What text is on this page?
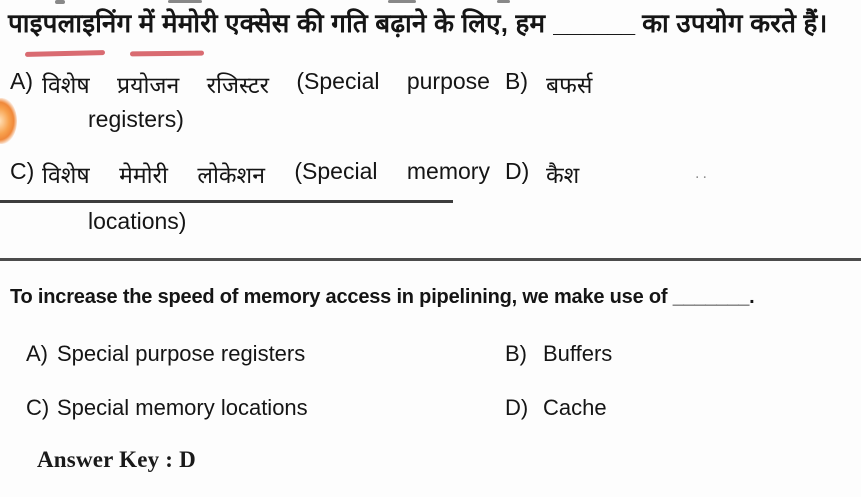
पाइपलाइनिंग में मेमोरी एक्सेस की गति बढ़ाने के लिए, हम ______ का उपयोग करते हैं।
A) विशेष प्रयोजन रजिस्टर (Special purpose B) बफर्स
registers)
C) विशेष मेमोरी लोकेशन (Special memory D) कैश	..
locations)
To increase the speed of memory access in pipelining, we make use of _______.
A) Special purpose registers	B) Buffers
C) Special memory locations	D) Cache
Answer Key : D
